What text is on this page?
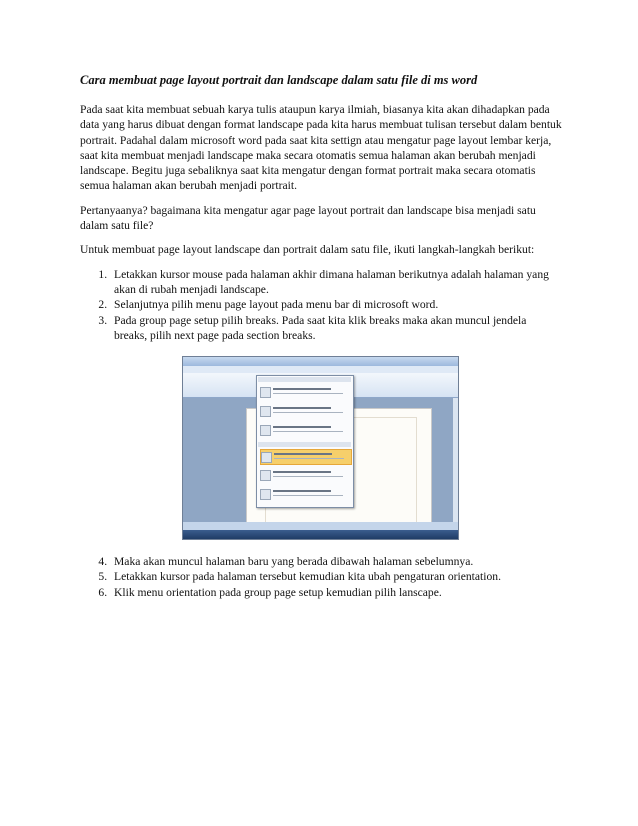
Cara membuat page layout portrait dan landscape dalam satu file di ms word

Pada saat kita membuat sebuah karya tulis ataupun karya ilmiah, biasanya kita akan dihadapkan pada data yang harus dibuat dengan format landscape pada kita harus membuat tulisan tersebut dalam bentuk portrait. Padahal dalam microsoft word pada saat kita settign atau mengatur page layout lembar kerja, saat kita membuat menjadi landscape maka secara otomatis semua halaman akan berubah menjadi landscape. Begitu juga sebaliknya saat kita mengatur dengan format portrait maka secara otomatis semua halaman akan berubah menjadi portrait.

Pertanyaanya? bagaimana kita mengatur agar page layout portrait dan landscape bisa menjadi satu dalam satu file?

Untuk membuat page layout landscape dan portrait dalam satu file, ikuti langkah-langkah berikut:

1. Letakkan kursor mouse pada halaman akhir dimana halaman berikutnya adalah halaman yang akan di rubah menjadi landscape.
2. Selanjutnya pilih menu page layout pada menu bar di microsoft word.
3. Pada group page setup pilih breaks. Pada saat kita klik breaks maka akan muncul jendela breaks, pilih next page pada section breaks.
4. Maka akan muncul halaman baru yang berada dibawah halaman sebelumnya.
5. Letakkan kursor pada halaman tersebut kemudian kita ubah pengaturan orientation.
6. Klik menu orientation pada group page setup kemudian pilih lanscape.
